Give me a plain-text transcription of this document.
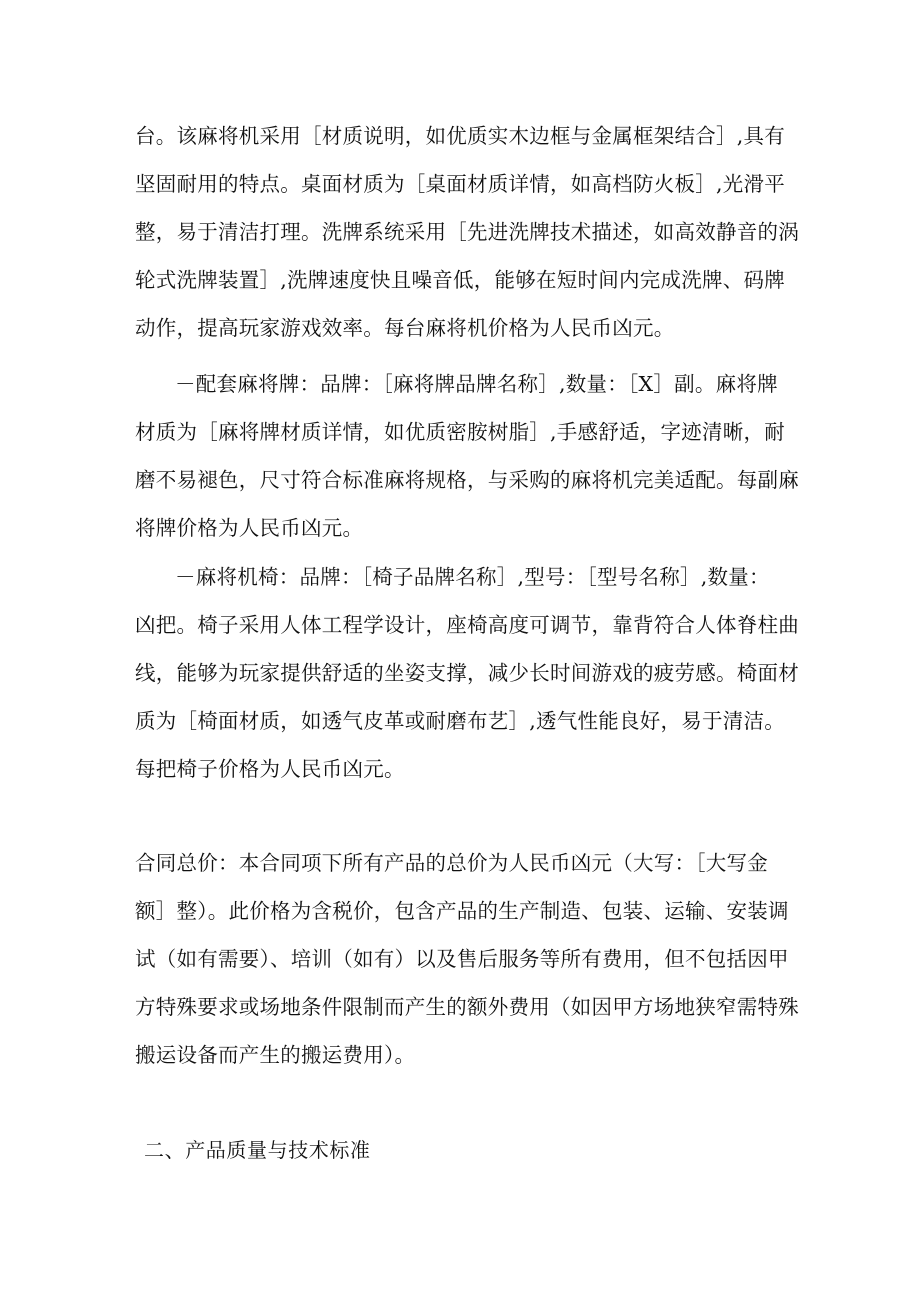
台。该麻将机采用［材质说明，如优质实木边框与金属框架结合］,具有
坚固耐用的特点。桌面材质为［桌面材质详情，如高档防火板］,光滑平
整，易于清洁打理。洗牌系统采用［先进洗牌技术描述，如高效静音的涡
轮式洗牌装置］,洗牌速度快且噪音低，能够在短时间内完成洗牌、码牌
动作，提高玩家游戏效率。每台麻将机价格为人民币凶元。
－配套麻将牌：品牌：［麻将牌品牌名称］,数量：［X］副。麻将牌
材质为［麻将牌材质详情，如优质密胺树脂］,手感舒适，字迹清晰，耐
磨不易褪色，尺寸符合标准麻将规格，与采购的麻将机完美适配。每副麻
将牌价格为人民币凶元。
－麻将机椅：品牌：［椅子品牌名称］,型号：［型号名称］,数量：
凶把。椅子采用人体工程学设计，座椅高度可调节，靠背符合人体脊柱曲
线，能够为玩家提供舒适的坐姿支撑，减少长时间游戏的疲劳感。椅面材
质为［椅面材质，如透气皮革或耐磨布艺］,透气性能良好，易于清洁。
每把椅子价格为人民币凶元。
合同总价：本合同项下所有产品的总价为人民币凶元（大写：［大写金
额］整）。此价格为含税价，包含产品的生产制造、包装、运输、安装调
试（如有需要）、培训（如有）以及售后服务等所有费用，但不包括因甲
方特殊要求或场地条件限制而产生的额外费用（如因甲方场地狭窄需特殊
搬运设备而产生的搬运费用）。
二、产品质量与技术标准
